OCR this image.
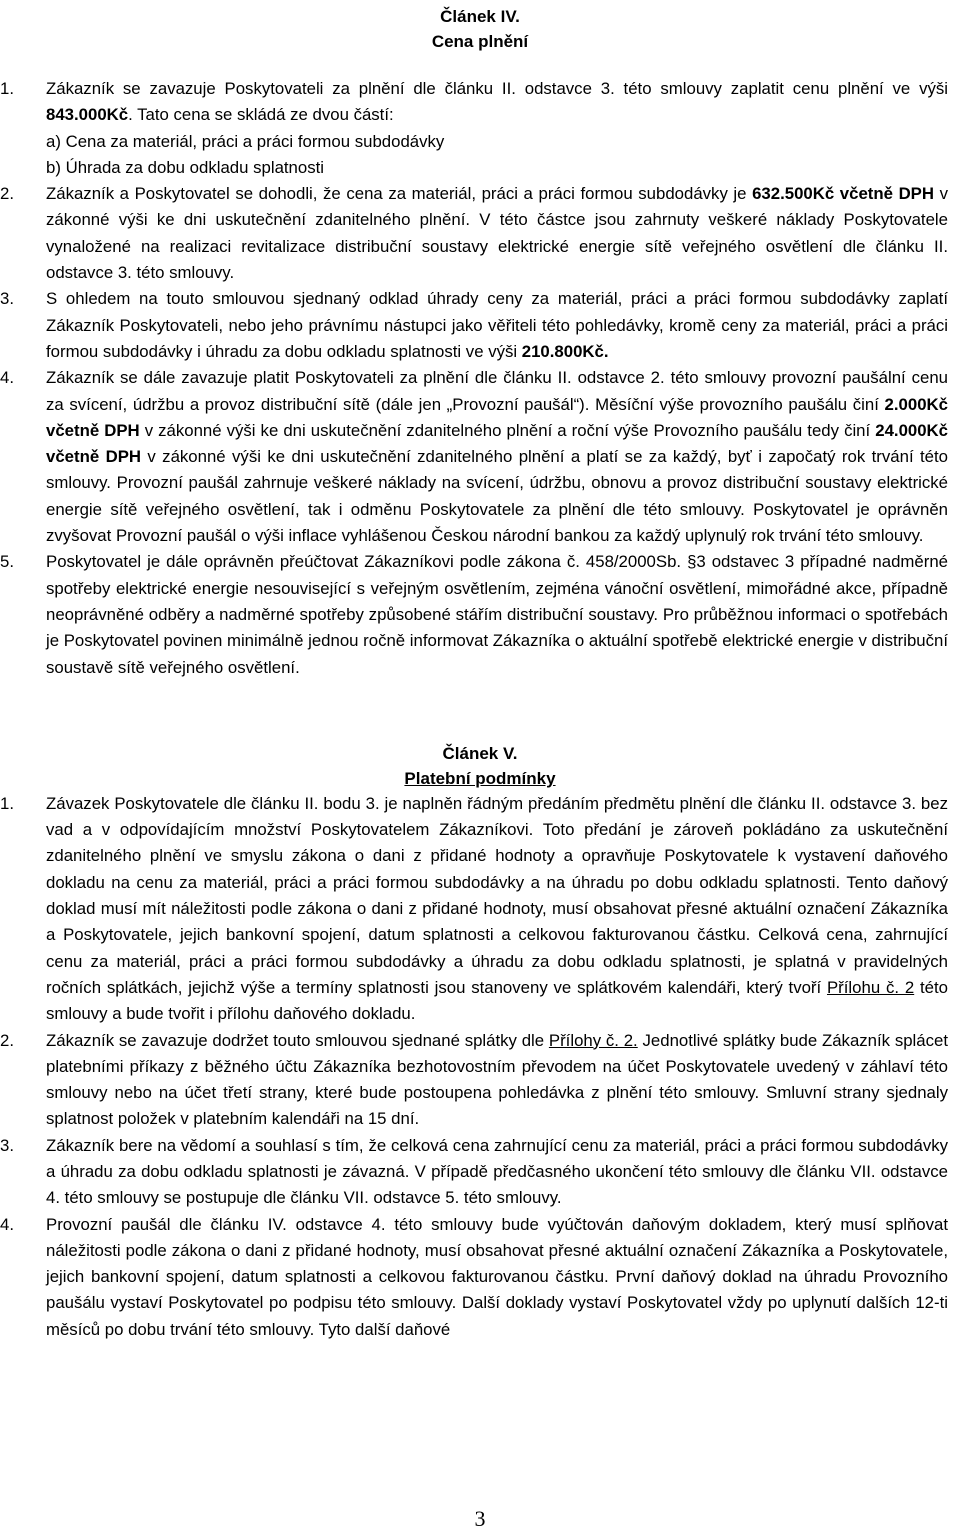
Článek IV.
Cena plnění
1.	Zákazník se zavazuje Poskytovateli za plnění dle článku II. odstavce 3. této smlouvy zaplatit cenu plnění ve výši 843.000Kč. Tato cena se skládá ze dvou částí:
a) Cena za materiál, práci a práci formou subdodávky
b) Úhrada za dobu odkladu splatnosti
2.	Zákazník a Poskytovatel se dohodli, že cena za materiál, práci a práci formou subdodávky je 632.500Kč včetně DPH v zákonné výši ke dni uskutečnění zdanitelného plnění. V této částce jsou zahrnuty veškeré náklady Poskytovatele vynaložené na realizaci revitalizace distribuční soustavy elektrické energie sítě veřejného osvětlení dle článku II. odstavce 3. této smlouvy.
3.	S ohledem na touto smlouvou sjednaný odklad úhrady ceny za materiál, práci a práci formou subdodávky zaplatí Zákazník Poskytovateli, nebo jeho právnímu nástupci jako věřiteli této pohledávky, kromě ceny za materiál, práci a práci formou subdodávky i úhradu za dobu odkladu splatnosti ve výši 210.800Kč.
4.	Zákazník se dále zavazuje platit Poskytovateli za plnění dle článku II. odstavce 2. této smlouvy provozní paušální cenu za svícení, údržbu a provoz distribuční sítě (dále jen „Provozní paušál“). Měsíční výše provozního paušálu činí 2.000Kč včetně DPH v zákonné výši ke dni uskutečnění zdanitelného plnění a roční výše Provozního paušálu tedy činí 24.000Kč včetně DPH v zákonné výši ke dni uskutečnění zdanitelného plnění a platí se za každý, byť i započatý rok trvání této smlouvy. Provozní paušál zahrnuje veškeré náklady na svícení, údržbu, obnovu a provoz distribuční soustavy elektrické energie sítě veřejného osvětlení, tak i odměnu Poskytovatele za plnění dle této smlouvy. Poskytovatel je oprávněn zvyšovat Provozní paušál o výši inflace vyhlášenou Českou národní bankou za každý uplynulý rok trvání této smlouvy.
5.	Poskytovatel je dále oprávněn přeúčtovat Zákazníkovi podle zákona č. 458/2000Sb. §3 odstavec 3 případné nadměrné spotřeby elektrické energie nesouvisející s veřejným osvětlením, zejména vánoční osvětlení, mimořádné akce, případně neoprávněné odběry a nadměrné spotřeby způsobené stářím distribuční soustavy. Pro průběžnou informaci o spotřebách je Poskytovatel povinen minimálně jednou ročně informovat Zákazníka o aktuální spotřebě elektrické energie v distribuční soustavě sítě veřejného osvětlení.
Článek V.
Platební podmínky
1.	Závazek Poskytovatele dle článku II. bodu 3. je naplněn řádným předáním předmětu plnění dle článku II. odstavce 3. bez vad a v odpovídajícím množství Poskytovatelem Zákazníkovi. Toto předání je zároveň pokládáno za uskutečnění zdanitelného plnění ve smyslu zákona o dani z přidané hodnoty a opravňuje Poskytovatele k vystavení daňového dokladu na cenu za materiál, práci a práci formou subdodávky a na úhradu po dobu odkladu splatnosti. Tento daňový doklad musí mít náležitosti podle zákona o dani z přidané hodnoty, musí obsahovat přesné aktuální označení Zákazníka a Poskytovatele, jejich bankovní spojení, datum splatnosti a celkovou fakturovanou částku. Celková cena, zahrnující cenu za materiál, práci a práci formou subdodávky a úhradu za dobu odkladu splatnosti, je splatná v pravidelných ročních splátkách, jejichž výše a termíny splatnosti jsou stanoveny ve splátkovém kalendáři, který tvoří Přílohu č. 2 této smlouvy a bude tvořit i přílohu daňového dokladu.
2.	Zákazník se zavazuje dodržet touto smlouvou sjednané splátky dle Přílohy č. 2. Jednotlivé splátky bude Zákazník splácet platebními příkazy z běžného účtu Zákazníka bezhotovostním převodem na účet Poskytovatele uvedený v záhlaví této smlouvy nebo na účet třetí strany, které bude postoupena pohledávka z plnění této smlouvy. Smluvní strany sjednaly splatnost položek v platebním kalendáři na 15 dní.
3.	Zákazník bere na vědomí a souhlasí s tím, že celková cena zahrnující cenu za materiál, práci a práci formou subdodávky a úhradu za dobu odkladu splatnosti je závazná. V případě předčasného ukončení této smlouvy dle článku VII. odstavce 4. této smlouvy se postupuje dle článku VII. odstavce 5. této smlouvy.
4.	Provozní paušál dle článku IV. odstavce 4. této smlouvy bude vyúčtován daňovým dokladem, který musí splňovat náležitosti podle zákona o dani z přidané hodnoty, musí obsahovat přesné aktuální označení Zákazníka a Poskytovatele, jejich bankovní spojení, datum splatnosti a celkovou fakturovanou částku. První daňový doklad na úhradu Provozního paušálu vystaví Poskytovatel po podpisu této smlouvy. Další doklady vystaví Poskytovatel vždy po uplynutí dalších 12-ti měsíců po dobu trvání této smlouvy. Tyto další daňové
3
